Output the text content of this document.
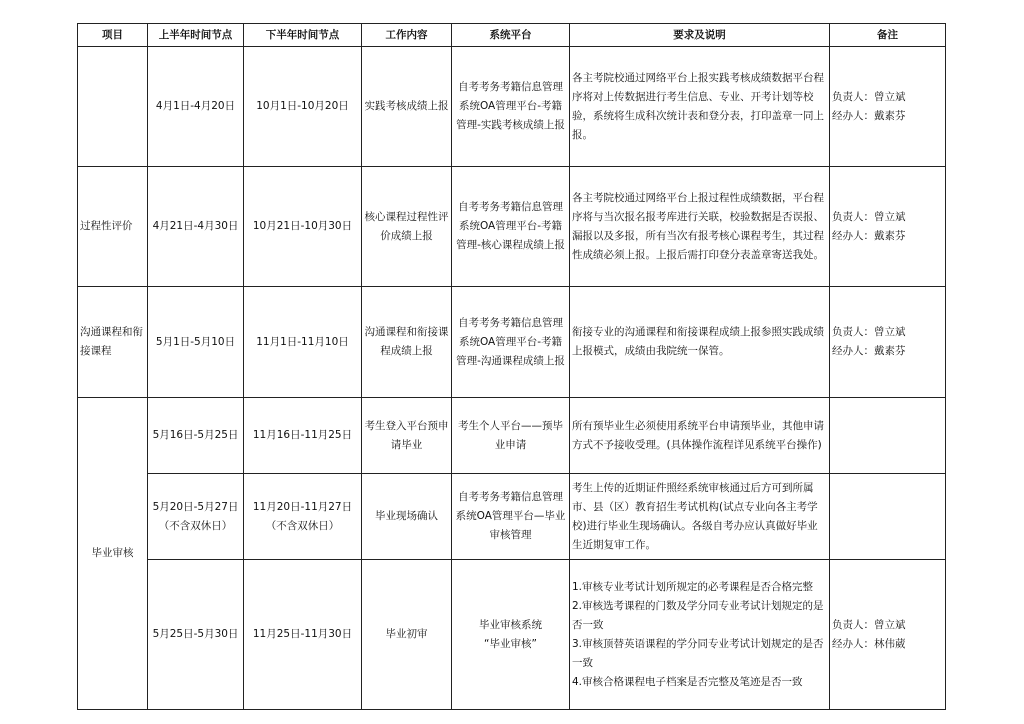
项目	上半年时间节点	下半年时间节点	工作内容	系统平台	要求及说明	备注
	4月1日-4月20日	10月1日-10月20日	实践考核成绩上报	自考考务考籍信息管理系统OA管理平台-考籍管理-实践考核成绩上报	各主考院校通过网络平台上报实践考核成绩数据平台程序将对上传数据进行考生信息、专业、开考计划等校验，系统将生成科次统计表和登分表，打印盖章一同上报。	负责人：曾立斌
经办人：戴素芬
过程性评价	4月21日-4月30日	10月21日-10月30日	核心课程过程性评价成绩上报	自考考务考籍信息管理系统OA管理平台-考籍管理-核心课程成绩上报	各主考院校通过网络平台上报过程性成绩数据，平台程序将与当次报名报考库进行关联，校验数据是否误报、漏报以及多报，所有当次有报考核心课程考生，其过程性成绩必须上报。上报后需打印登分表盖章寄送我处。	负责人：曾立斌
经办人：戴素芬
沟通课程和衔接课程	5月1日-5月10日	11月1日-11月10日	沟通课程和衔接课程成绩上报	自考考务考籍信息管理系统OA管理平台-考籍管理-沟通课程成绩上报	衔接专业的沟通课程和衔接课程成绩上报参照实践成绩上报模式，成绩由我院统一保管。	负责人：曾立斌
经办人：戴素芬
毕业审核	5月16日-5月25日	11月16日-11月25日	考生登入平台预申请毕业	考生个人平台——预毕业申请	所有预毕业生必须使用系统平台申请预毕业，其他申请方式不予接收受理。(具体操作流程详见系统平台操作)	
	5月20日-5月27日
（不含双休日）	11月20日-11月27日
（不含双休日）	毕业现场确认	自考考务考籍信息管理系统OA管理平台—毕业审核管理	考生上传的近期证件照经系统审核通过后方可到所属市、县（区）教育招生考试机构(试点专业向各主考学校)进行毕业生现场确认。各级自考办应认真做好毕业生近期复审工作。	
	5月25日-5月30日	11月25日-11月30日	毕业初审	毕业审核系统
“毕业审核”	1.审核专业考试计划所规定的必考课程是否合格完整
2.审核选考课程的门数及学分同专业考试计划规定的是否一致
3.审核顶替英语课程的学分同专业考试计划规定的是否一致
4.审核合格课程电子档案是否完整及笔迹是否一致	负责人：曾立斌
经办人：林伟葳
